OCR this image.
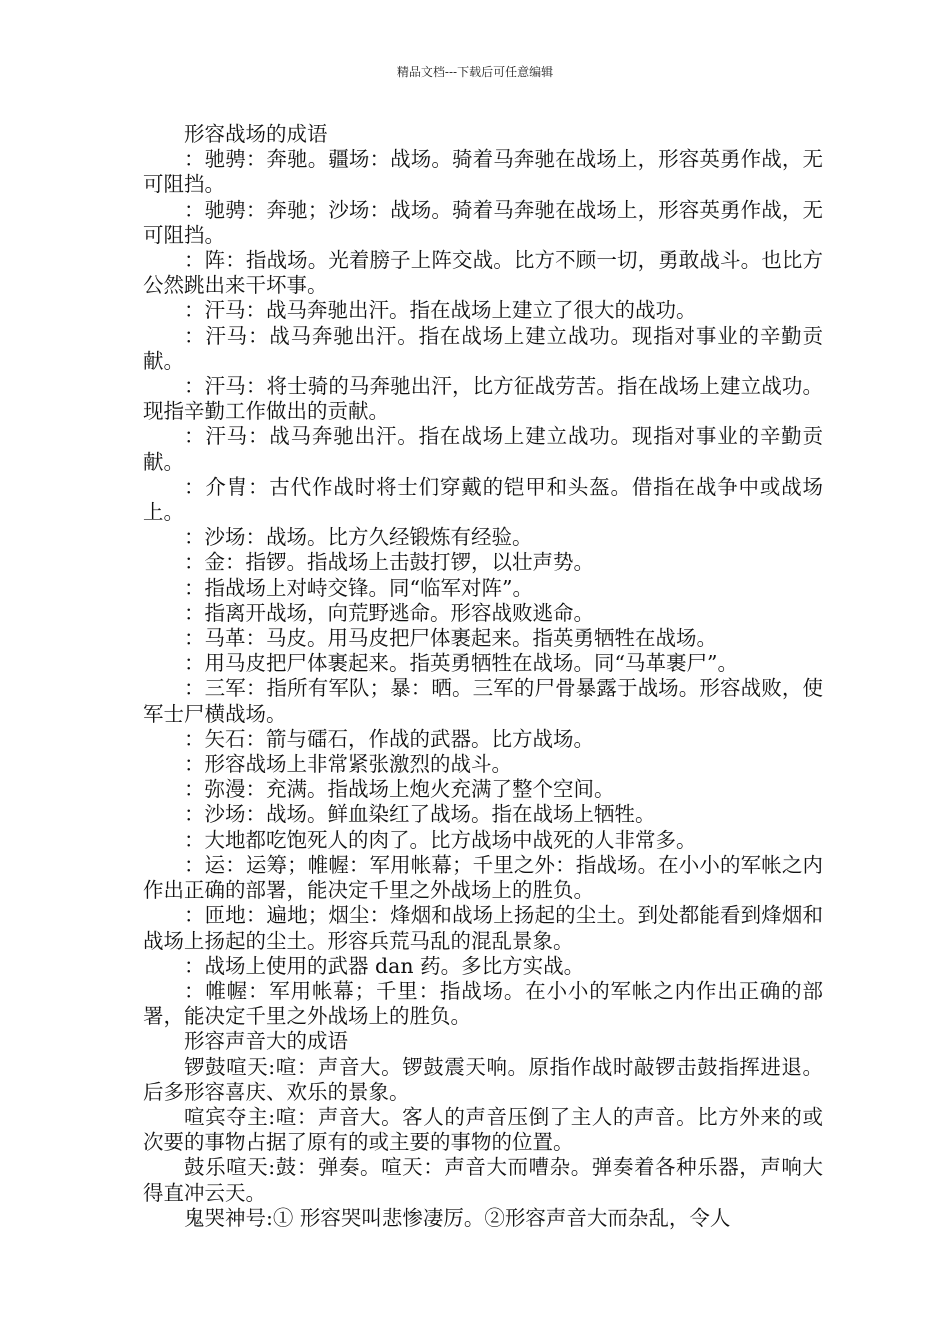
精品文档---下载后可任意编辑

形容战场的成语

：驰骋：奔驰。疆场：战场。骑着马奔驰在战场上，形容英勇作战，无可阻挡。

：驰骋：奔驰；沙场：战场。骑着马奔驰在战场上，形容英勇作战，无可阻挡。

：阵：指战场。光着膀子上阵交战。比方不顾一切，勇敢战斗。也比方公然跳出来干坏事。

：汗马：战马奔驰出汗。指在战场上建立了很大的战功。

：汗马：战马奔驰出汗。指在战场上建立战功。现指对事业的辛勤贡献。

：汗马：将士骑的马奔驰出汗，比方征战劳苦。指在战场上建立战功。现指辛勤工作做出的贡献。

：汗马：战马奔驰出汗。指在战场上建立战功。现指对事业的辛勤贡献。

：介胄：古代作战时将士们穿戴的铠甲和头盔。借指在战争中或战场上。

：沙场：战场。比方久经锻炼有经验。

：金：指锣。指战场上击鼓打锣，以壮声势。

：指战场上对峙交锋。同“临军对阵”。

：指离开战场，向荒野逃命。形容战败逃命。

：马革：马皮。用马皮把尸体裹起来。指英勇牺牲在战场。

：用马皮把尸体裹起来。指英勇牺牲在战场。同“马革裹尸”。

：三军：指所有军队；暴：晒。三军的尸骨暴露于战场。形容战败，使军士尸横战场。

：矢石：箭与礌石，作战的武器。比方战场。

：形容战场上非常紧张激烈的战斗。

：弥漫：充满。指战场上炮火充满了整个空间。

：沙场：战场。鲜血染红了战场。指在战场上牺牲。

：大地都吃饱死人的肉了。比方战场中战死的人非常多。

：运：运筹；帷幄：军用帐幕；千里之外：指战场。在小小的军帐之内作出正确的部署，能决定千里之外战场上的胜负。

：匝地：遍地；烟尘：烽烟和战场上扬起的尘土。到处都能看到烽烟和战场上扬起的尘土。形容兵荒马乱的混乱景象。

：战场上使用的武器 dan 药。多比方实战。

：帷幄：军用帐幕；千里：指战场。在小小的军帐之内作出正确的部署，能决定千里之外战场上的胜负。

形容声音大的成语

锣鼓喧天:喧：声音大。锣鼓震天响。原指作战时敲锣击鼓指挥进退。后多形容喜庆、欢乐的景象。

喧宾夺主:喧：声音大。客人的声音压倒了主人的声音。比方外来的或次要的事物占据了原有的或主要的事物的位置。

鼓乐喧天:鼓：弹奏。喧天：声音大而嘈杂。弹奏着各种乐器，声响大得直冲云天。

鬼哭神号:① 形容哭叫悲惨凄厉。②形容声音大而杂乱，令人
